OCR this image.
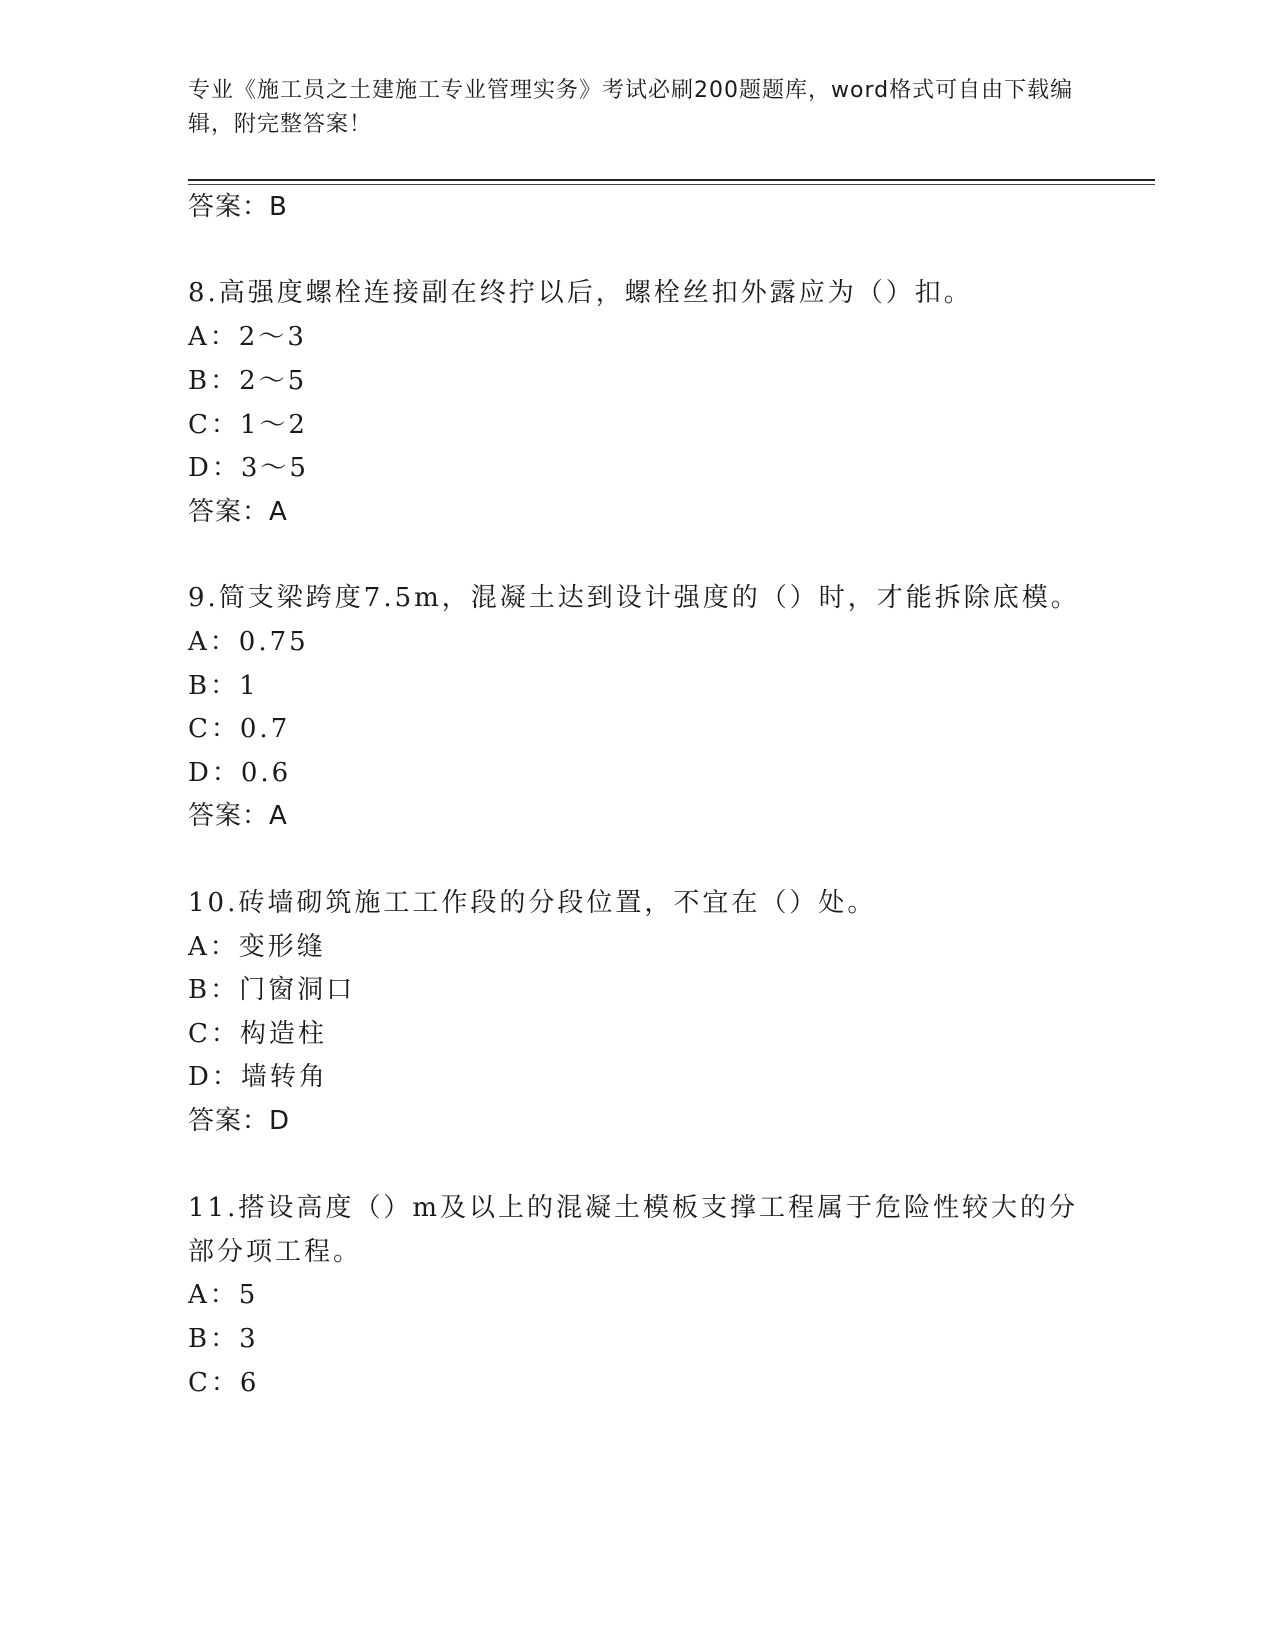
专业《施工员之土建施工专业管理实务》考试必刷200题题库，word格式可自由下载编辑，附完整答案！
答案：B
8.高强度螺栓连接副在终拧以后，螺栓丝扣外露应为（）扣。
A：2～3
B：2～5
C：1～2
D：3～5
答案：A
9.简支梁跨度7.5m，混凝土达到设计强度的（）时，才能拆除底模。
A：0.75
B：1
C：0.7
D：0.6
答案：A
10.砖墙砌筑施工工作段的分段位置，不宜在（）处。
A：变形缝
B：门窗洞口
C：构造柱
D：墙转角
答案：D
11.搭设高度（）m及以上的混凝土模板支撑工程属于危险性较大的分
部分项工程。
A：5
B：3
C：6
